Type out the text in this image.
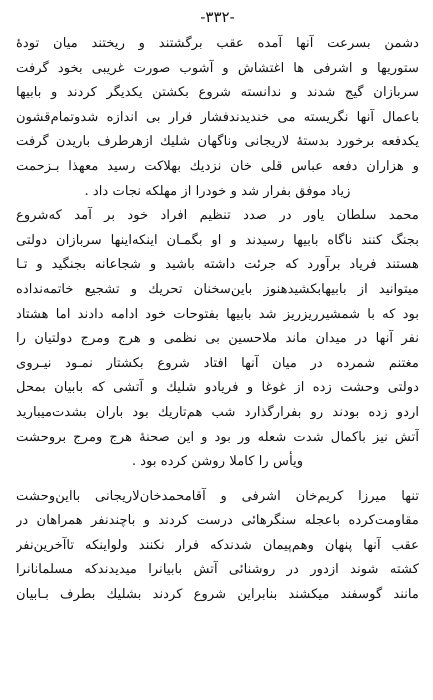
-۳۳۲-
دشمن بسرعت آنها آمده عقب برگشتند و ریختند میان تودهٔ
ستوریها و اشرفی ها اغتشاش و آشوب صورت غریبی بخود گرفت
سربازان گیج شدند و ندانسته شروع بکشتن یکدیگر کردند و بابیها
باعمال آنها نگریسته می خندیدندفشار فرار بی اندازه شدوتمام‌قشون
یکدفعه برخورد بدستهٔ لاریجانی وناگهان شلیك ازهرطرف باریدن گرفت
و هزاران دفعه عباس قلی خان نزدیك بهلاکت رسید معهذا بـزحمت
زیاد موفق بفرار شد و خودرا از مهلکه نجات داد .
محمد سلطان یاور در صدد تنظیم افراد خود بر آمد که‌شروع
بجنگ کنند ناگاه بابیها رسیدند و او بگمـان اینکه‌اینها سربازان دولتی
هستند فریاد برآورد که جرئت داشته باشید و شجاعانه بجنگید و تـا
میتوانید از بابیهابکشید‌هنوز باین‌سخنان تحریك و تشجیع خاتمه‌نداده
بود که با شمشیرریزریز شد بابیها بفتوحات خود ادامه دادند اما هشتاد
نفر آنها در میدان ماند ملاحسین بی نظمی و هرج ومرج دولتیان را
مغتنم شمرده در میان آنها افتاد شروع بکشتار نمـود نیـروی
دولتی وحشت زده از غوغا و فریادو شلیك و آتشی که بابیان بمحل
اردو زده بودند رو بفرارگذارد شب هم‌تاریك بود باران بشدت‌میبارید
آتش نیز باکمال شدت شعله ور بود و این صحنهٔ هرج ومرج بروحشت
ویأس را کاملا روشن کرده بود .
تنها میرزا کریم‌خان اشرفی و آقامحمدخان‌لاریجانی بااین‌وحشت
مقاومت‌کرده باعجله سنگرهائی درست کردند و باچندنفر همراهان در
عقب آنها پنهان وهم‌پیمان شدندکه فرار نکنند ولواینکه تاآخرین‌نفر
کشته شوند ازدور در روشنائی آتش بابیانرا میدیدندکه مسلمانانرا
مانند گوسفند میکشند بنابراین شروع کردند بشلیك بطرف بـابیان
